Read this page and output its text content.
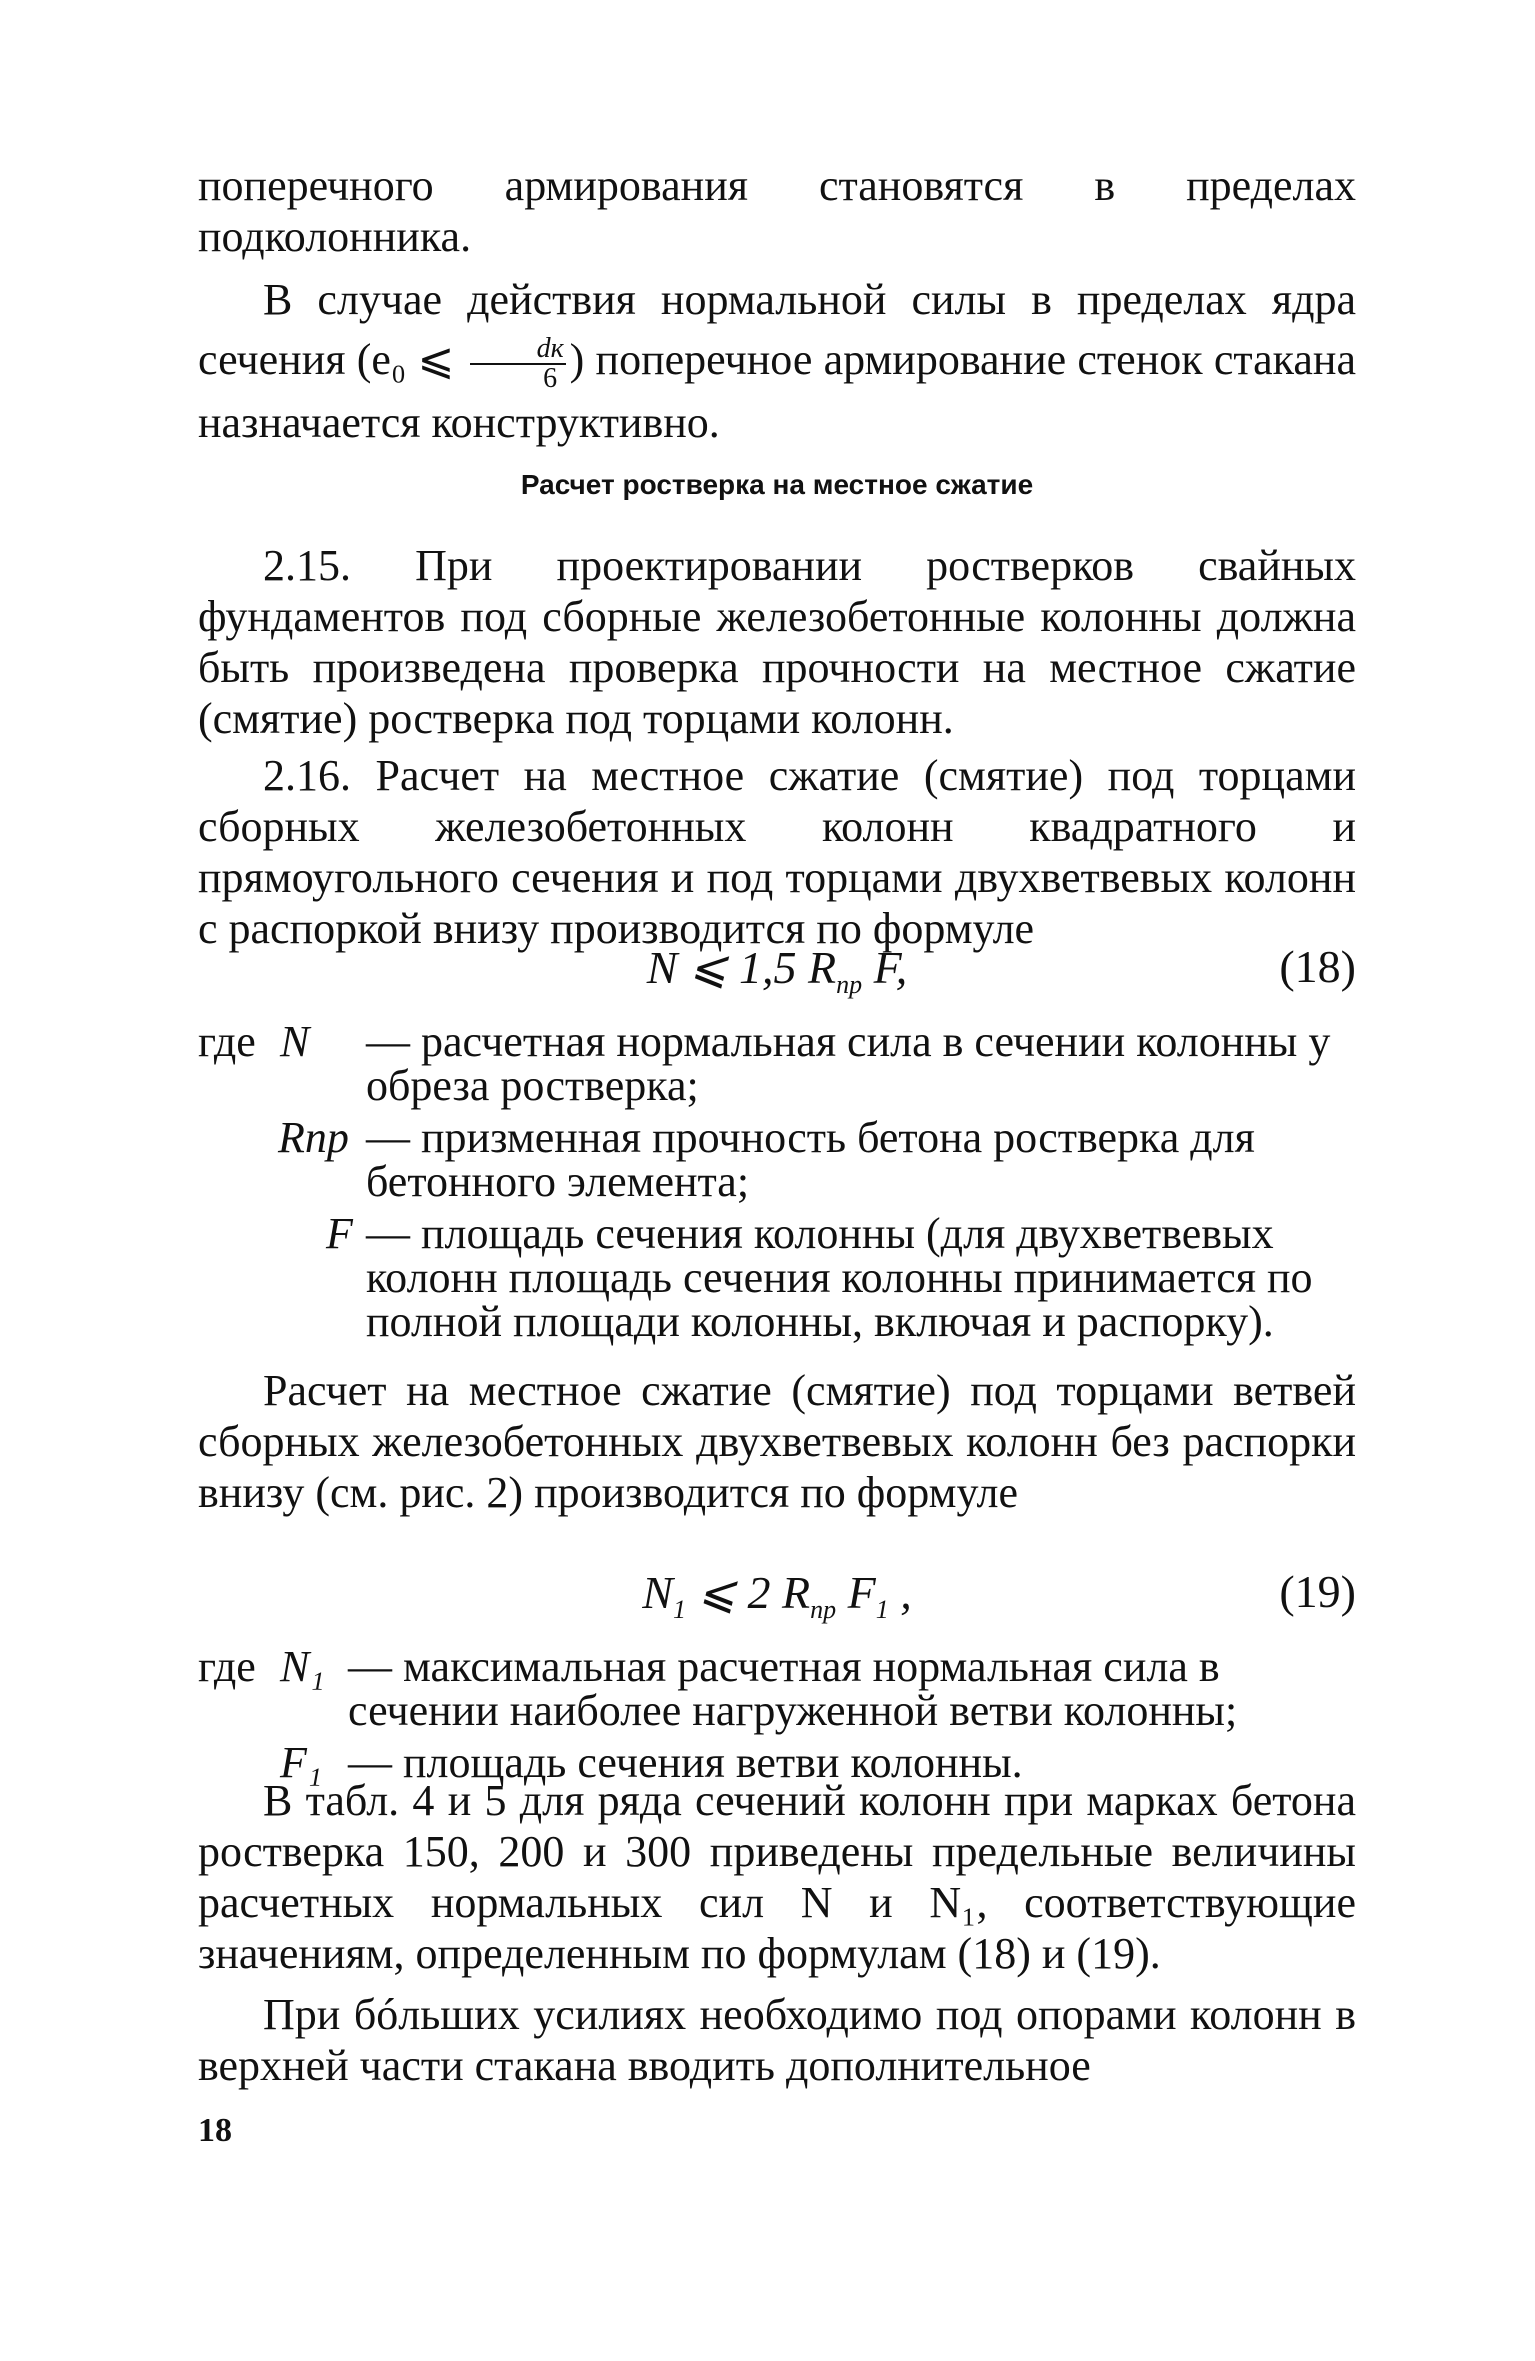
поперечного армирования становятся в пределах подколонника.

В случае действия нормальной силы в пределах ядра сечения (e₀ ⩽ $\frac{dк}{6}$ ) поперечное армирование стенок стакана назначается конструктивно.

Расчет ростверка на местное сжатие

2.15. При проектировании ростверков свайных фундаментов под сборные железобетонные колонны должна быть произведена проверка прочности на местное сжатие (смятие) ростверка под торцами колонн.

2.16. Расчет на местное сжатие (смятие) под торцами сборных железобетонных колонн квадратного и прямоугольного сечения и под торцами двухветвевых колонн с распоркой внизу производится по формуле

N ⩽ 1,5 $R_{пр}$ F,	(18)
где N — расчетная нормальная сила в сечении колонны у обреза ростверка;
Rпр — призменная прочность бетона ростверка для бетонного элемента;
F — площадь сечения колонны (для двухветвевых колонн площадь сечения колонны принимается по полной площади колонны, включая и распорку).

Расчет на местное сжатие (смятие) под торцами ветвей сборных железобетонных двухветвевых колонн без распорки внизу (см. рис. 2) производится по формуле

$N_1$ ⩽ 2 $R_{пр}$ $F_1$ ,	(19)
где N₁ — максимальная расчетная нормальная сила в сечении наиболее нагруженной ветви колонны;
F₁ — площадь сечения ветви колонны.

В табл. 4 и 5 для ряда сечений колонн при марках бетона ростверка 150, 200 и 300 приведены предельные величины расчетных нормальных сил N и N₁, соответствующие значениям, определенным по формулам (18) и (19).

При бóльших усилиях необходимо под опорами колонн в верхней части стакана вводить дополнительное

18
